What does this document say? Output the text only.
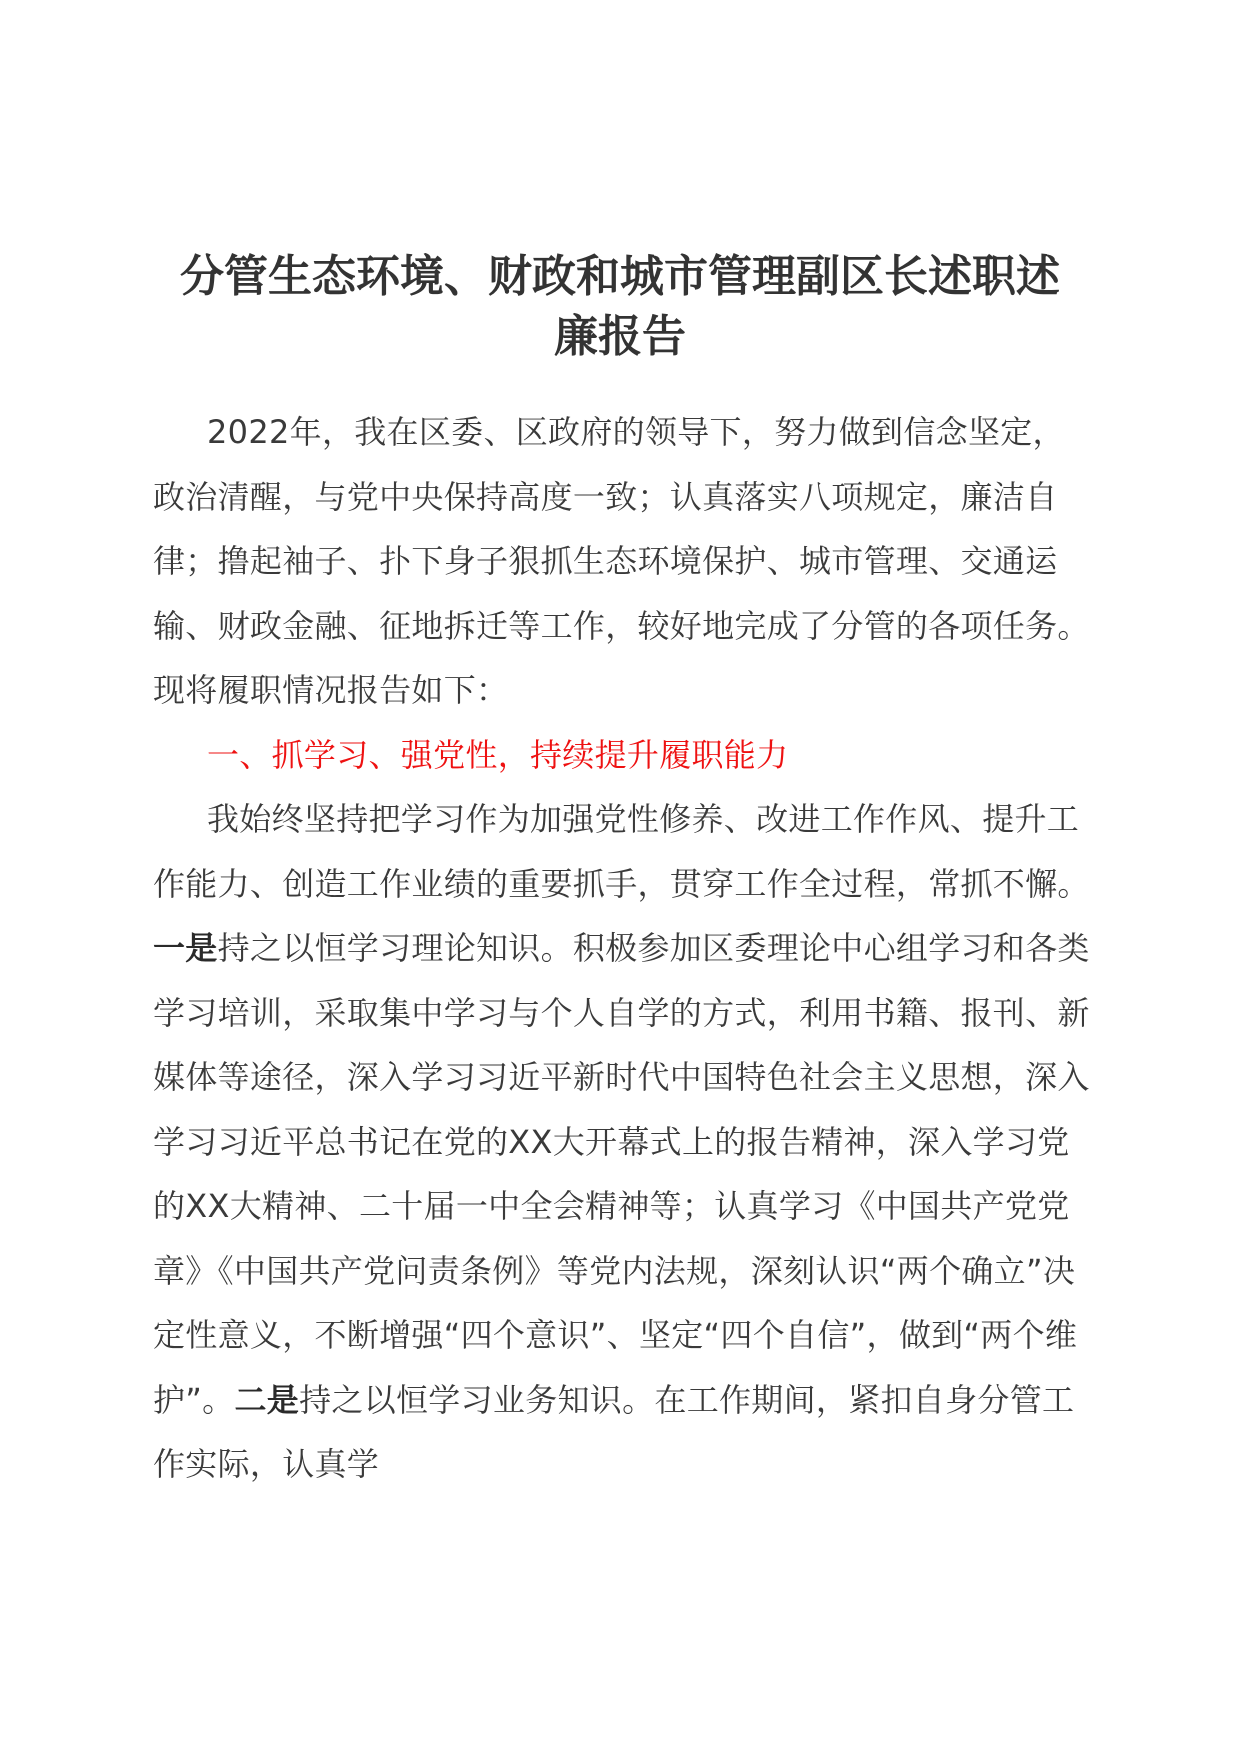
分管生态环境、财政和城市管理副区长述职述
廉报告

2022年，我在区委、区政府的领导下，努力做到信念坚定，政治清醒，与党中央保持高度一致；认真落实八项规定，廉洁自律；撸起袖子、扑下身子狠抓生态环境保护、城市管理、交通运输、财政金融、征地拆迁等工作，较好地完成了分管的各项任务。现将履职情况报告如下：

一、抓学习、强党性，持续提升履职能力

我始终坚持把学习作为加强党性修养、改进工作作风、提升工作能力、创造工作业绩的重要抓手，贯穿工作全过程，常抓不懈。一是持之以恒学习理论知识。积极参加区委理论中心组学习和各类学习培训，采取集中学习与个人自学的方式，利用书籍、报刊、新媒体等途径，深入学习习近平新时代中国特色社会主义思想，深入学习习近平总书记在党的XX大开幕式上的报告精神，深入学习党的XX大精神、二十届一中全会精神等；认真学习《中国共产党党章》《中国共产党问责条例》等党内法规，深刻认识“两个确立”决定性意义，不断增强“四个意识”、坚定“四个自信”，做到“两个维护”。二是持之以恒学习业务知识。在工作期间，紧扣自身分管工作实际，认真学
